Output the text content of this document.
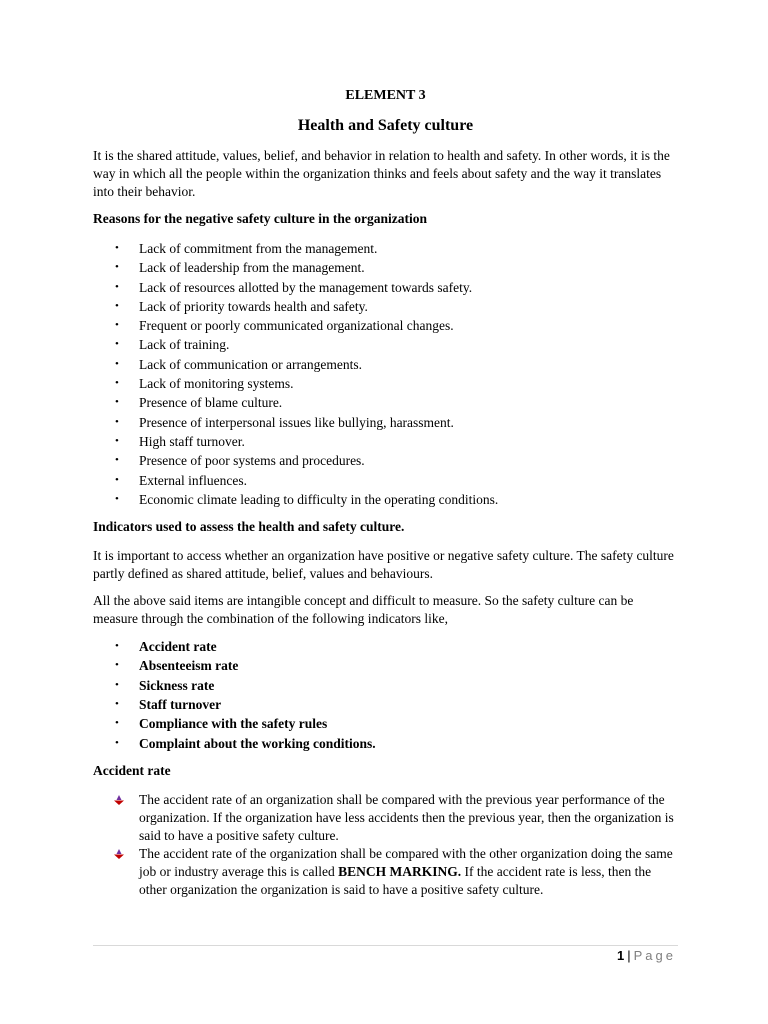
ELEMENT 3
Health and Safety culture

It is the shared attitude, values, belief, and behavior in relation to health and safety. In other words, it is the way in which all the people within the organization thinks and feels about safety and the way it translates into their behavior.

Reasons for the negative safety culture in the organization
• Lack of commitment from the management.
• Lack of leadership from the management.
• Lack of resources allotted by the management towards safety.
• Lack of priority towards health and safety.
• Frequent or poorly communicated organizational changes.
• Lack of training.
• Lack of communication or arrangements.
• Lack of monitoring systems.
• Presence of blame culture.
• Presence of interpersonal issues like bullying, harassment.
• High staff turnover.
• Presence of poor systems and procedures.
• External influences.
• Economic climate leading to difficulty in the operating conditions.
Indicators used to assess the health and safety culture.

It is important to access whether an organization have positive or negative safety culture. The safety culture partly defined as shared attitude, belief, values and behaviours.

All the above said items are intangible concept and difficult to measure. So the safety culture can be measure through the combination of the following indicators like,

• Accident rate
• Absenteeism rate
• Sickness rate
• Staff turnover
• Compliance with the safety rules
• Complaint about the working conditions.
Accident rate
The accident rate of an organization shall be compared with the previous year performance of the organization. If the organization have less accidents then the previous year, then the organization is said to have a positive safety culture.
The accident rate of the organization shall be compared with the other organization doing the same job or industry average this is called BENCH MARKING. If the accident rate is less, then the other organization the organization is said to have a positive safety culture.
1 | Page
